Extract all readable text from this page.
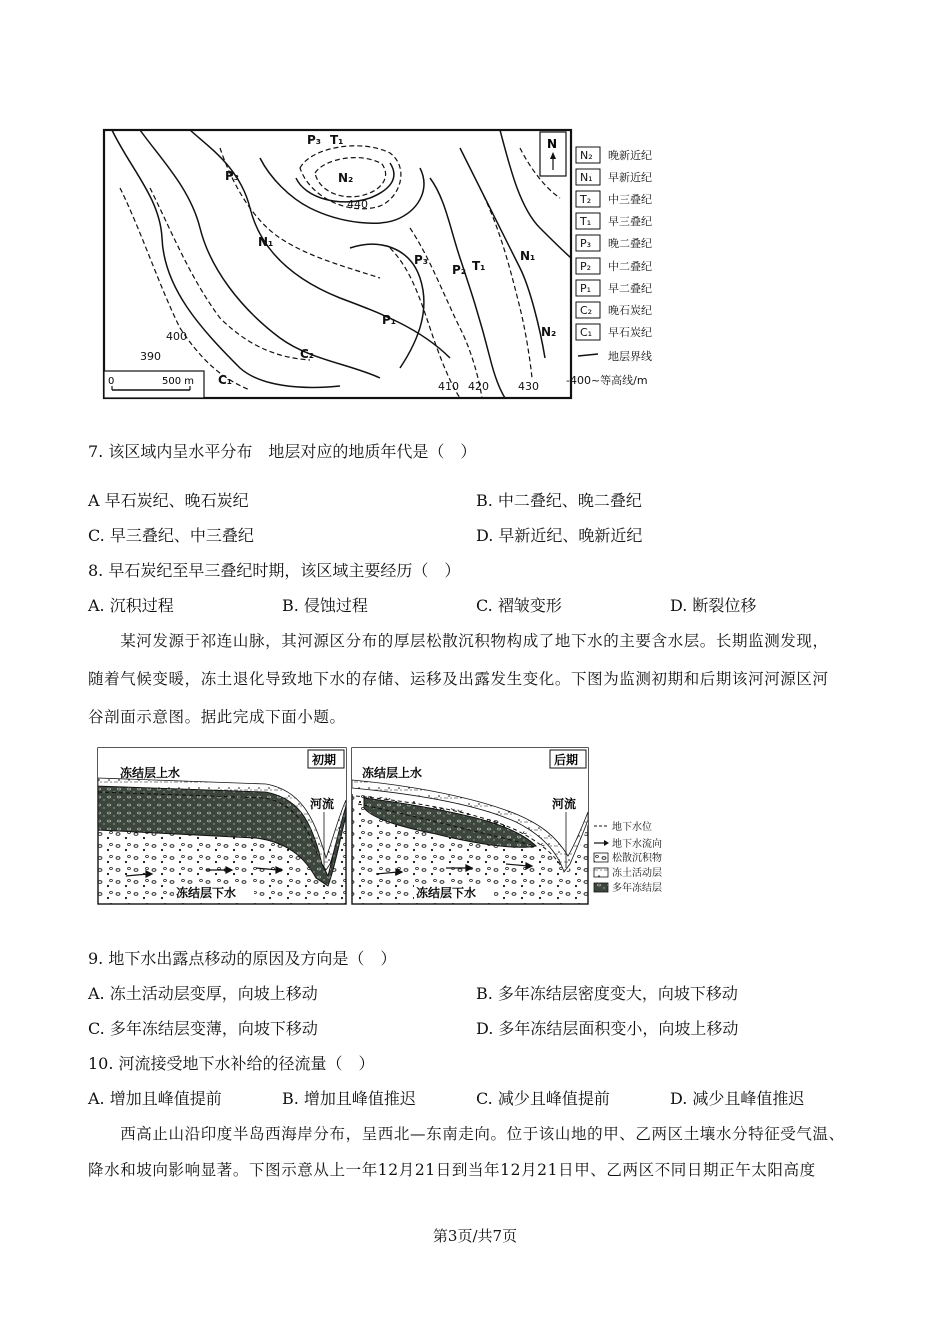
N
P₃ T₁
P₃	N₂
N₁
P₃	T₁
N₁
P₁
P₂
N₂
C₂
C₁
440
400
390
410 420	430
0	500 m
N₂ 晚新近纪
N₁ 早新近纪
T₂ 中三叠纪
T₁ 早三叠纪
P₃ 晚二叠纪
P₂ 中二叠纪
P₁ 早二叠纪
C₂ 晚石炭纪
C₁ 早石炭纪
地层界线
-400~等高线/m
7. 该区域内呈水平分布　地层对应的地质年代是（　）
A 早石炭纪、晚石炭纪	B. 中二叠纪、晚二叠纪
C. 早三叠纪、中三叠纪	D. 早新近纪、晚新近纪
8. 早石炭纪至早三叠纪时期，该区域主要经历（　）
A. 沉积过程	B. 侵蚀过程	C. 褶皱变形	D. 断裂位移
　　某河发源于祁连山脉，其河源区分布的厚层松散沉积物构成了地下水的主要含水层。长期监测发现，
随着气候变暖，冻土退化导致地下水的存储、运移及出露发生变化。下图为监测初期和后期该河河源区河
谷剖面示意图。据此完成下面小题。
初期
冻结层上水
河流
冻结层下水
后期
冻结层上水
河流
冻结层下水
地下水位
地下水流向
松散沉积物
冻土活动层
多年冻结层
9. 地下水出露点移动的原因及方向是（　）
A. 冻土活动层变厚，向坡上移动	B. 多年冻结层密度变大，向坡下移动
C. 多年冻结层变薄，向坡下移动	D. 多年冻结层面积变小，向坡上移动
10. 河流接受地下水补给的径流量（　）
A. 增加且峰值提前	B. 增加且峰值推迟	C. 减少且峰值提前	D. 减少且峰值推迟
　　西高止山沿印度半岛西海岸分布，呈西北—东南走向。位于该山地的甲、乙两区土壤水分特征受气温、
降水和坡向影响显著。下图示意从上一年12月21日到当年12月21日甲、乙两区不同日期正午太阳高度
第3页/共7页
